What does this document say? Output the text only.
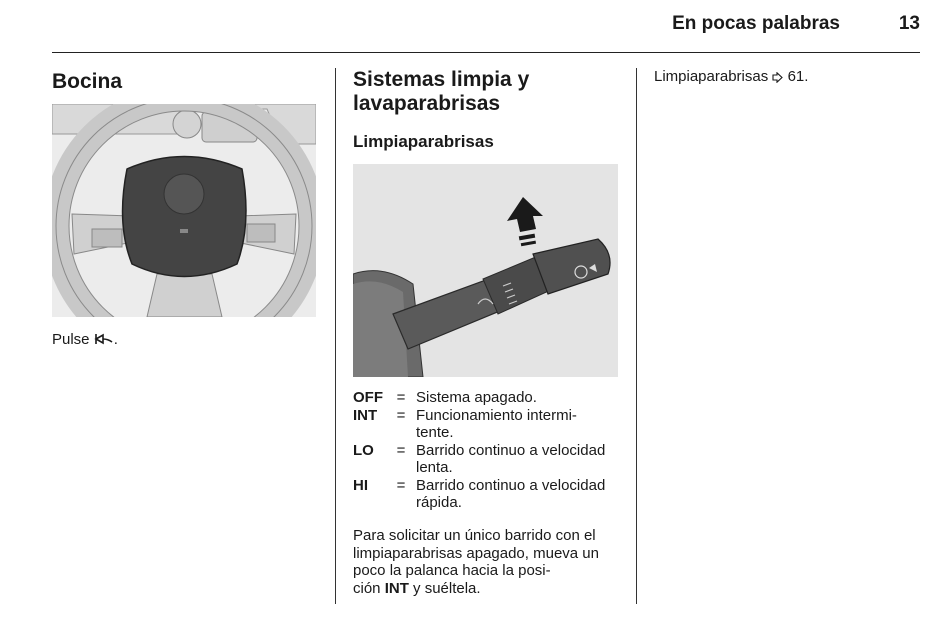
En pocas palabras	13
Bocina
Pulse .
Sistemas limpia y
lavaparabrisas
Limpiaparabrisas
OFF = Sistema apagado.
INT	= Funcionamiento intermi-
tente.
LO	= Barrido continuo a velocidad
lenta.
HI	= Barrido continuo a velocidad
rápida.
Para solicitar un único barrido con el
limpiaparabrisas apagado, mueva un
poco la palanca hacia la posi-
ción INT y suéltela.
Limpiaparabrisas  61.
